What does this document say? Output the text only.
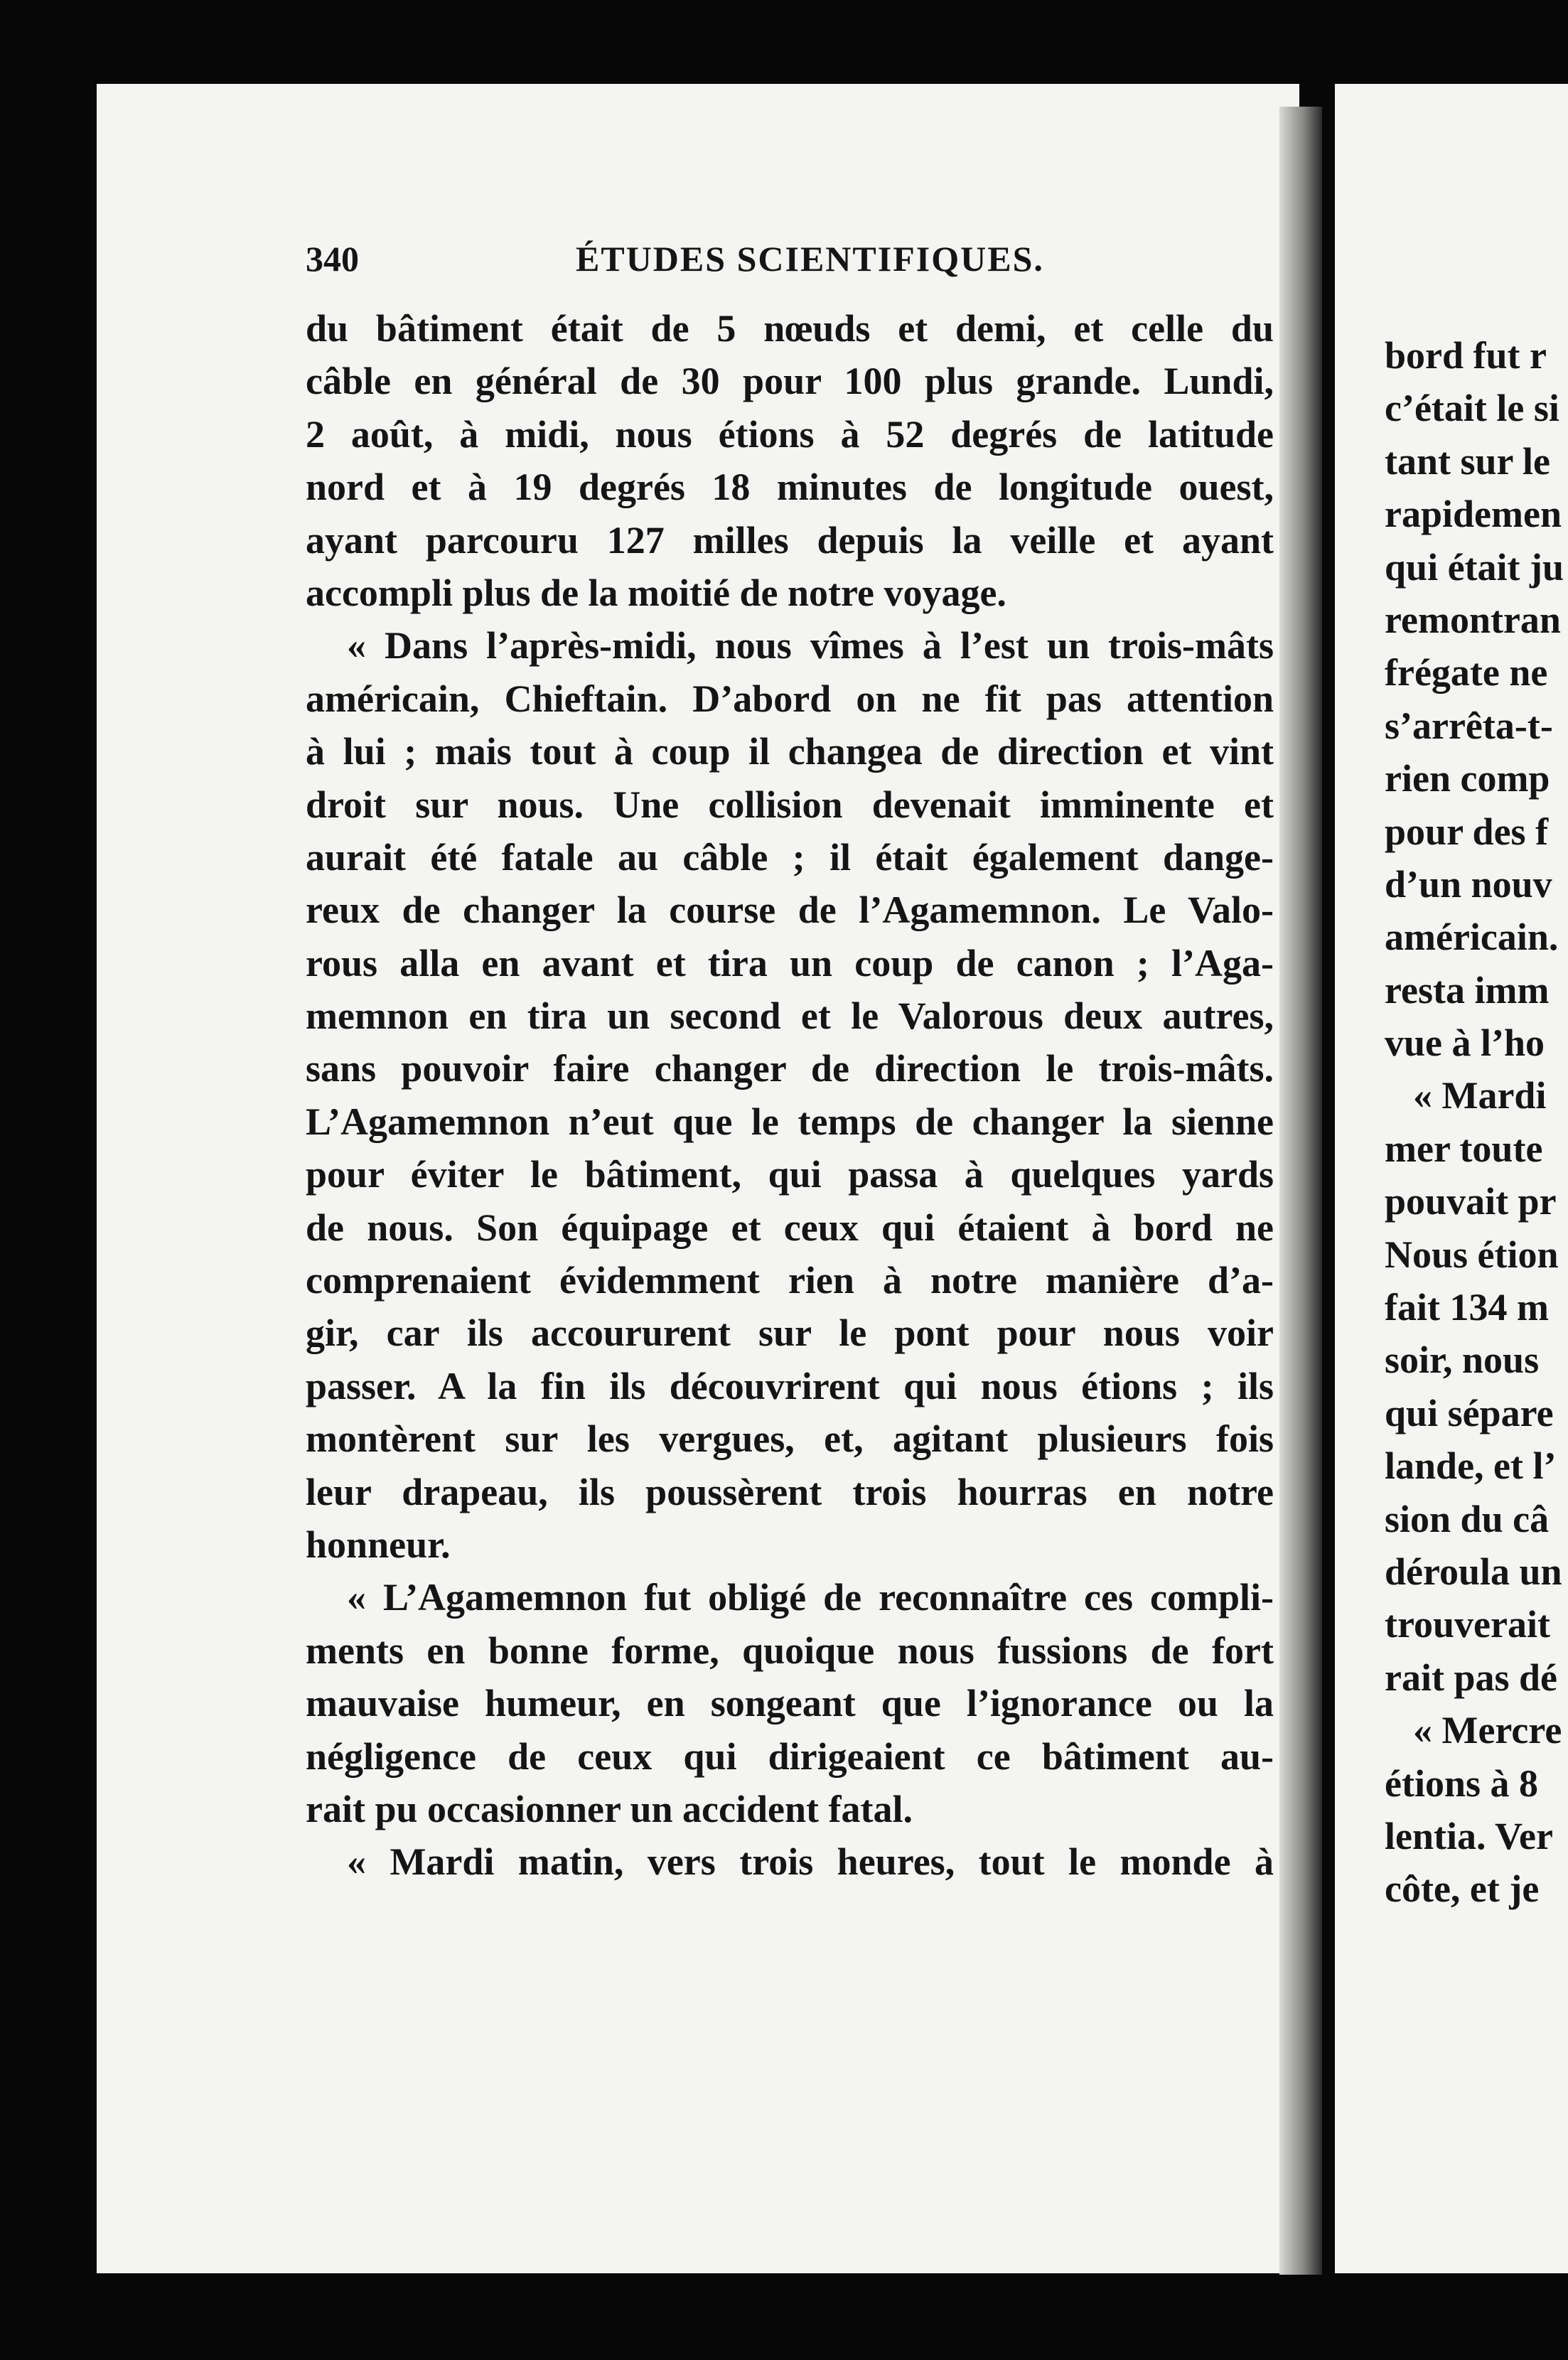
bord fut r
c’était le si
tant sur le
rapidemen
qui était ju
remontran
frégate ne
s’arrêta-t-
rien comp
pour des f
d’un nouv
américain.
resta imm
vue à l’ho
« Mardi
mer toute
pouvait pr
Nous étion
fait 134 m
soir, nous
qui sépare
lande, et l’
sion du câ
déroula un
trouverait
rait pas dé
« Mercre
étions à 8
lentia. Ver
côte, et je
340	ÉTUDES SCIENTIFIQUES.
du bâtiment était de 5 nœuds et demi, et celle du
câble en général de 30 pour 100 plus grande. Lundi,
2 août, à midi, nous étions à 52 degrés de latitude
nord et à 19 degrés 18 minutes de longitude ouest,
ayant parcouru 127 milles depuis la veille et ayant
accompli plus de la moitié de notre voyage.
« Dans l’après-midi, nous vîmes à l’est un trois-mâts
américain, Chieftain. D’abord on ne fit pas attention
à lui ; mais tout à coup il changea de direction et vint
droit sur nous. Une collision devenait imminente et
aurait été fatale au câble ; il était également dange-
reux de changer la course de l’Agamemnon. Le Valo-
rous alla en avant et tira un coup de canon ; l’Aga-
memnon en tira un second et le Valorous deux autres,
sans pouvoir faire changer de direction le trois-mâts.
L’Agamemnon n’eut que le temps de changer la sienne
pour éviter le bâtiment, qui passa à quelques yards
de nous. Son équipage et ceux qui étaient à bord ne
comprenaient évidemment rien à notre manière d’a-
gir, car ils accoururent sur le pont pour nous voir
passer. A la fin ils découvrirent qui nous étions ; ils
montèrent sur les vergues, et, agitant plusieurs fois
leur drapeau, ils poussèrent trois hourras en notre
honneur.
« L’Agamemnon fut obligé de reconnaître ces compli-
ments en bonne forme, quoique nous fussions de fort
mauvaise humeur, en songeant que l’ignorance ou la
négligence de ceux qui dirigeaient ce bâtiment au-
rait pu occasionner un accident fatal.
« Mardi matin, vers trois heures, tout le monde à
